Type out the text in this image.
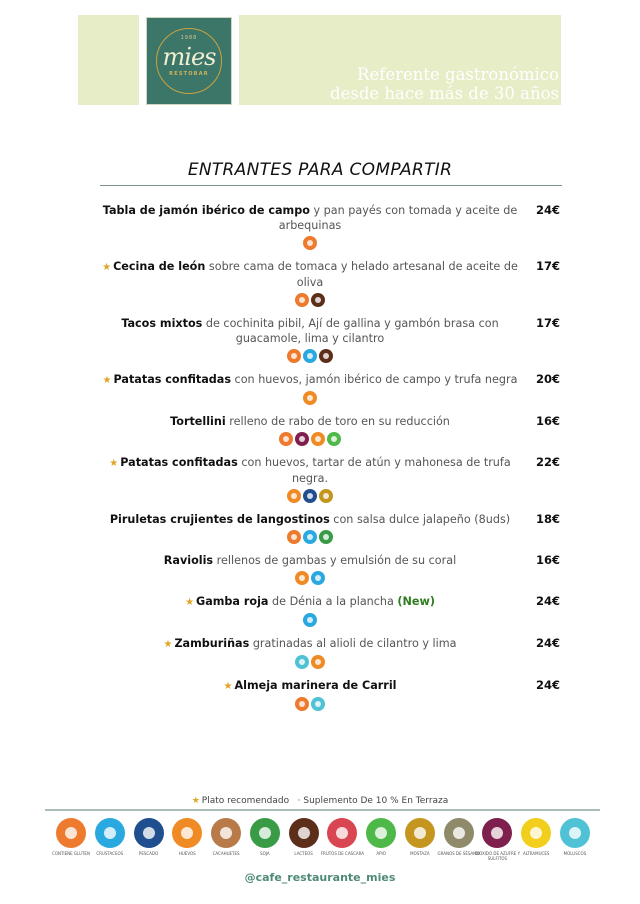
1988
mies
RESTOBAR	Referente gastronómico
desde hace más de 30 años
ENTRANTES PARA COMPARTIR
Tabla de jamón ibérico de campo y pan payés con tomada y aceite de arbequinas
24€
★ Cecina de león sobre cama de tomaca y helado artesanal de aceite de oliva
17€
Tacos mixtos de cochinita pibil, Ají de gallina y gambón brasa con guacamole, lima y cilantro
17€
★ Patatas confitadas con huevos, jamón ibérico de campo y trufa negra 20€
Tortellini relleno de rabo de toro en su reducción	16€
★ Patatas confitadas con huevos, tartar de atún y mahonesa de trufa negra.
22€
Piruletas crujientes de langostinos con salsa dulce jalapeño (8uds)	18€
Raviolis rellenos de gambas y emulsión de su coral	16€
★ Gamba roja de Dénia a la plancha (New)	24€
★ Zamburiñas gratinadas al alioli de cilantro y lima	24€
★ Almeja marinera de Carril	24€
★ Plato recomendado · Suplemento De 10 % En Terraza
CONTIENE GLUTEN	CRUSTACEOS	PESCADO	HUEVOS	CACAHUETES	SOJA	LACTEOS	FRUTOS DE CASCARA	APIO	MOSTAZA	GRANOS DE SÉSAMO
DIOXIDO DE AZUFRE Y SULFITOS
ALTRAMUCES	MOLUSCOS
@cafe_restaurante_mies
